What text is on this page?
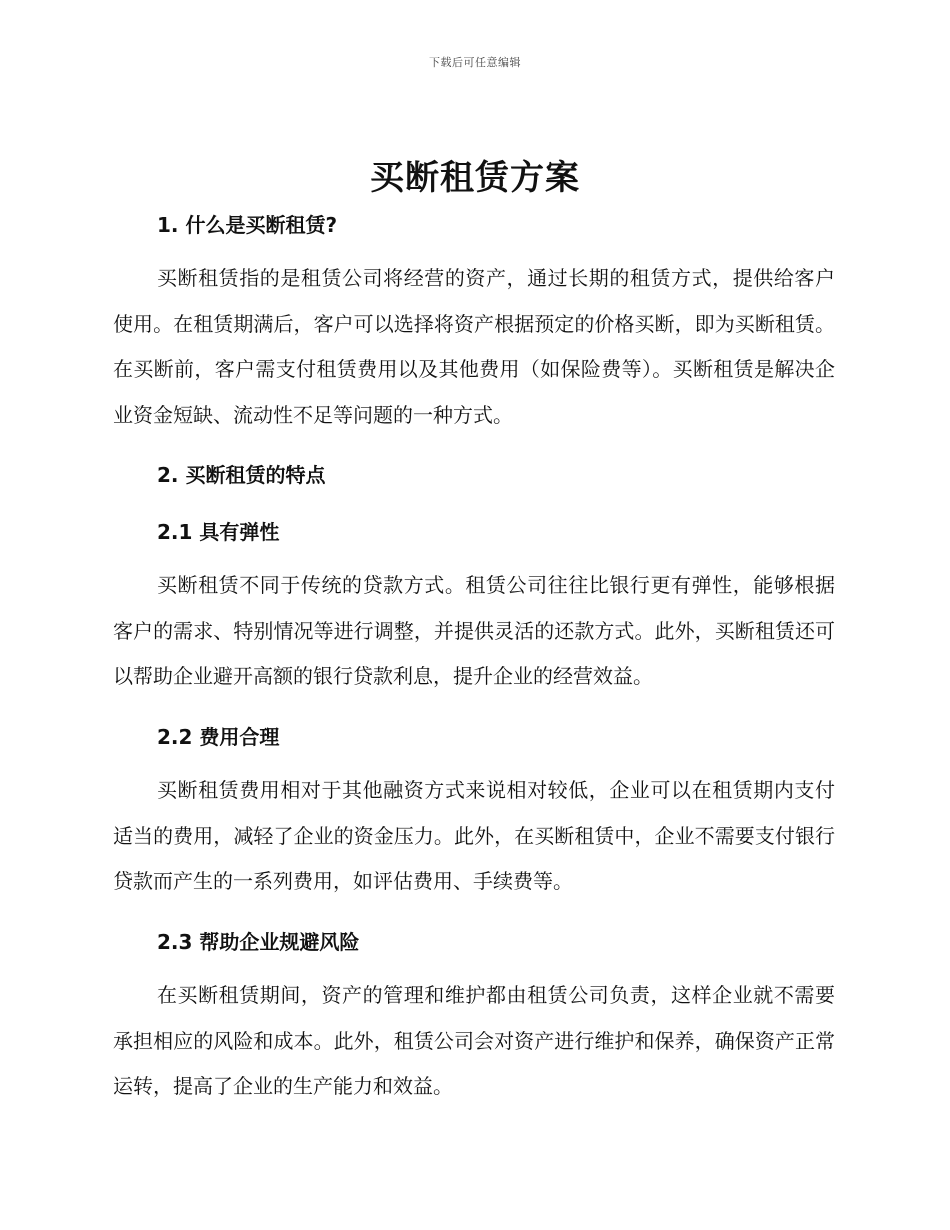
下载后可任意编辑
买断租赁方案
1. 什么是买断租赁?

买断租赁指的是租赁公司将经营的资产，通过长期的租赁方式，提供给客户使用。在租赁期满后，客户可以选择将资产根据预定的价格买断，即为买断租赁。在买断前，客户需支付租赁费用以及其他费用（如保险费等）。买断租赁是解决企业资金短缺、流动性不足等问题的一种方式。

2. 买断租赁的特点
2.1 具有弹性

买断租赁不同于传统的贷款方式。租赁公司往往比银行更有弹性，能够根据客户的需求、特别情况等进行调整，并提供灵活的还款方式。此外，买断租赁还可以帮助企业避开高额的银行贷款利息，提升企业的经营效益。

2.2 费用合理

买断租赁费用相对于其他融资方式来说相对较低，企业可以在租赁期内支付适当的费用，减轻了企业的资金压力。此外，在买断租赁中，企业不需要支付银行贷款而产生的一系列费用，如评估费用、手续费等。

2.3 帮助企业规避风险

在买断租赁期间，资产的管理和维护都由租赁公司负责，这样企业就不需要承担相应的风险和成本。此外，租赁公司会对资产进行维护和保养，确保资产正常运转，提高了企业的生产能力和效益。
